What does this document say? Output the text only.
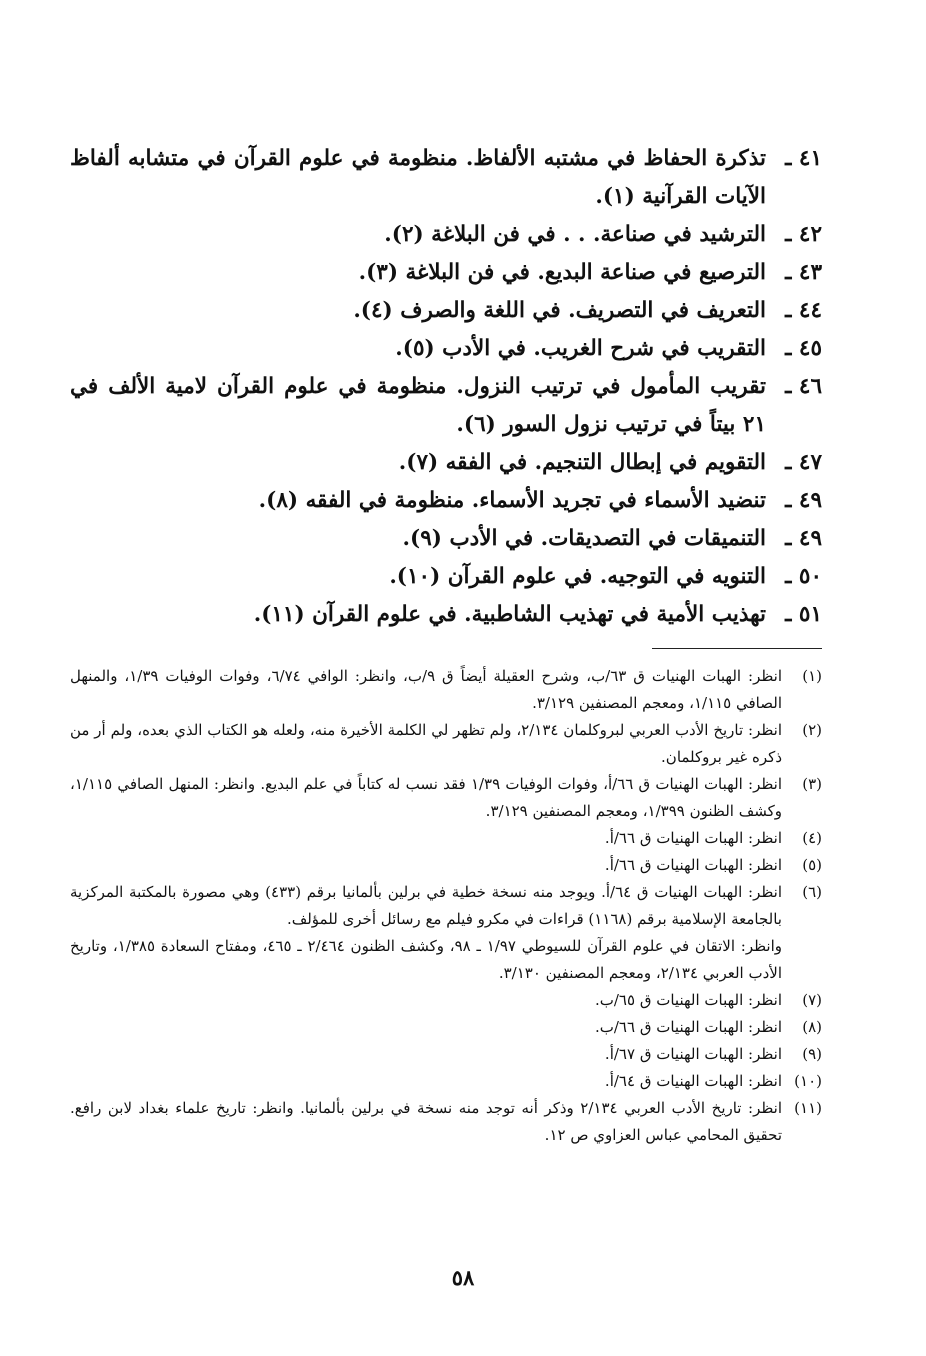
٤١ ـ
تذكرة الحفاظ في مشتبه الألفاظ. منظومة في علوم القرآن في متشابه ألفاظ الآيات القرآنية (١).
٤٢ ـ
الترشيد في صناعة. . . في فن البلاغة (٢).
٤٣ ـ
الترصيع في صناعة البديع. في فن البلاغة (٣).
٤٤ ـ
التعريف في التصريف. في اللغة والصرف (٤).
٤٥ ـ
التقريب في شرح الغريب. في الأدب (٥).
٤٦ ـ
تقريب المأمول في ترتيب النزول. منظومة في علوم القرآن لامية الألف في ٢١ بيتاً في ترتيب نزول السور (٦).
٤٧ ـ
التقويم في إبطال التنجيم. في الفقه (٧).
٤٩ ـ
تنضيد الأسماء في تجريد الأسماء. منظومة في الفقه (٨).
٤٩ ـ
التنميقات في التصديقات. في الأدب (٩).
٥٠ ـ
التنويه في التوجيه. في علوم القرآن (١٠).
٥١ ـ
تهذيب الأمية في تهذيب الشاطبية. في علوم القرآن (١١).
(١)
انظر: الهبات الهنيات ق ٦٣/ب، وشرح العقيلة أيضاً ق ٩/ب، وانظر: الوافي ٦/٧٤، وفوات الوفيات ١/٣٩، والمنهل الصافي ١/١١٥، ومعجم المصنفين ٣/١٢٩.
(٢)
انظر: تاريخ الأدب العربي لبروكلمان ٢/١٣٤، ولم تظهر لي الكلمة الأخيرة منه، ولعله هو الكتاب الذي بعده، ولم أر من ذكره غير بروكلمان.
(٣)
انظر: الهبات الهنيات ق ٦٦/أ، وفوات الوفيات ١/٣٩ فقد نسب له كتاباً في علم البديع. وانظر: المنهل الصافي ١/١١٥، وكشف الظنون ١/٣٩٩، ومعجم المصنفين ٣/١٢٩.
(٤)
انظر: الهبات الهنيات ق ٦٦/أ.
(٥)
انظر: الهبات الهنيات ق ٦٦/أ.
(٦)
انظر: الهبات الهنيات ق ٦٤/أ. ويوجد منه نسخة خطية في برلين بألمانيا برقم (٤٣٣) وهي مصورة بالمكتبة المركزية بالجامعة الإسلامية برقم (١١٦٨) قراءات في مكرو فيلم مع رسائل أخرى للمؤلف.
وانظر: الاتقان في علوم القرآن للسيوطي ١/٩٧ ـ ٩٨، وكشف الظنون ٢/٤٦٤ ـ ٤٦٥، ومفتاح السعادة ١/٣٨٥، وتاريخ الأدب العربي ٢/١٣٤، ومعجم المصنفين ٣/١٣٠.
(٧)
انظر: الهبات الهنيات ق ٦٥/ب.
(٨)
انظر: الهبات الهنيات ق ٦٦/ب.
(٩)
انظر: الهبات الهنيات ق ٦٧/أ.
(١٠)
انظر: الهبات الهنيات ق ٦٤/أ.
(١١)
انظر: تاريخ الأدب العربي ٢/١٣٤ وذكر أنه توجد منه نسخة في برلين بألمانيا. وانظر: تاريخ علماء بغداد لابن رافع. تحقيق المحامي عباس العزاوي ص ١٢.
٥٨
